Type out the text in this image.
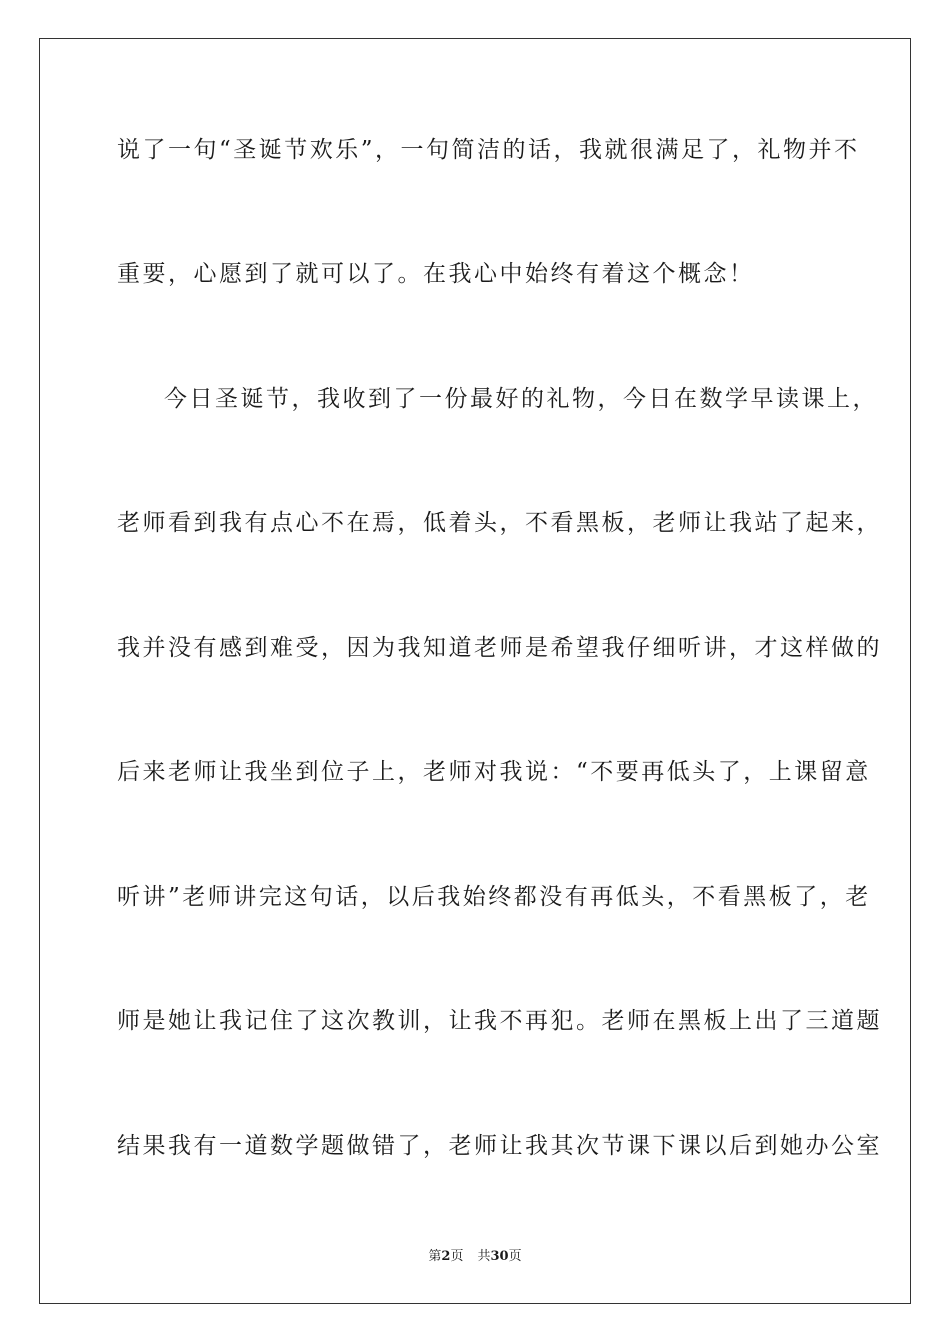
说了一句“圣诞节欢乐”，一句简洁的话，我就很满足了，礼物并不
重要，心愿到了就可以了。在我心中始终有着这个概念！
今日圣诞节，我收到了一份最好的礼物，今日在数学早读课上，
老师看到我有点心不在焉，低着头，不看黑板，老师让我站了起来，
我并没有感到难受，因为我知道老师是希望我仔细听讲，才这样做的
后来老师让我坐到位子上，老师对我说：“不要再低头了，上课留意
听讲”老师讲完这句话，以后我始终都没有再低头，不看黑板了，老
师是她让我记住了这次教训，让我不再犯。老师在黑板上出了三道题
结果我有一道数学题做错了，老师让我其次节课下课以后到她办公室
第2页 共30页
